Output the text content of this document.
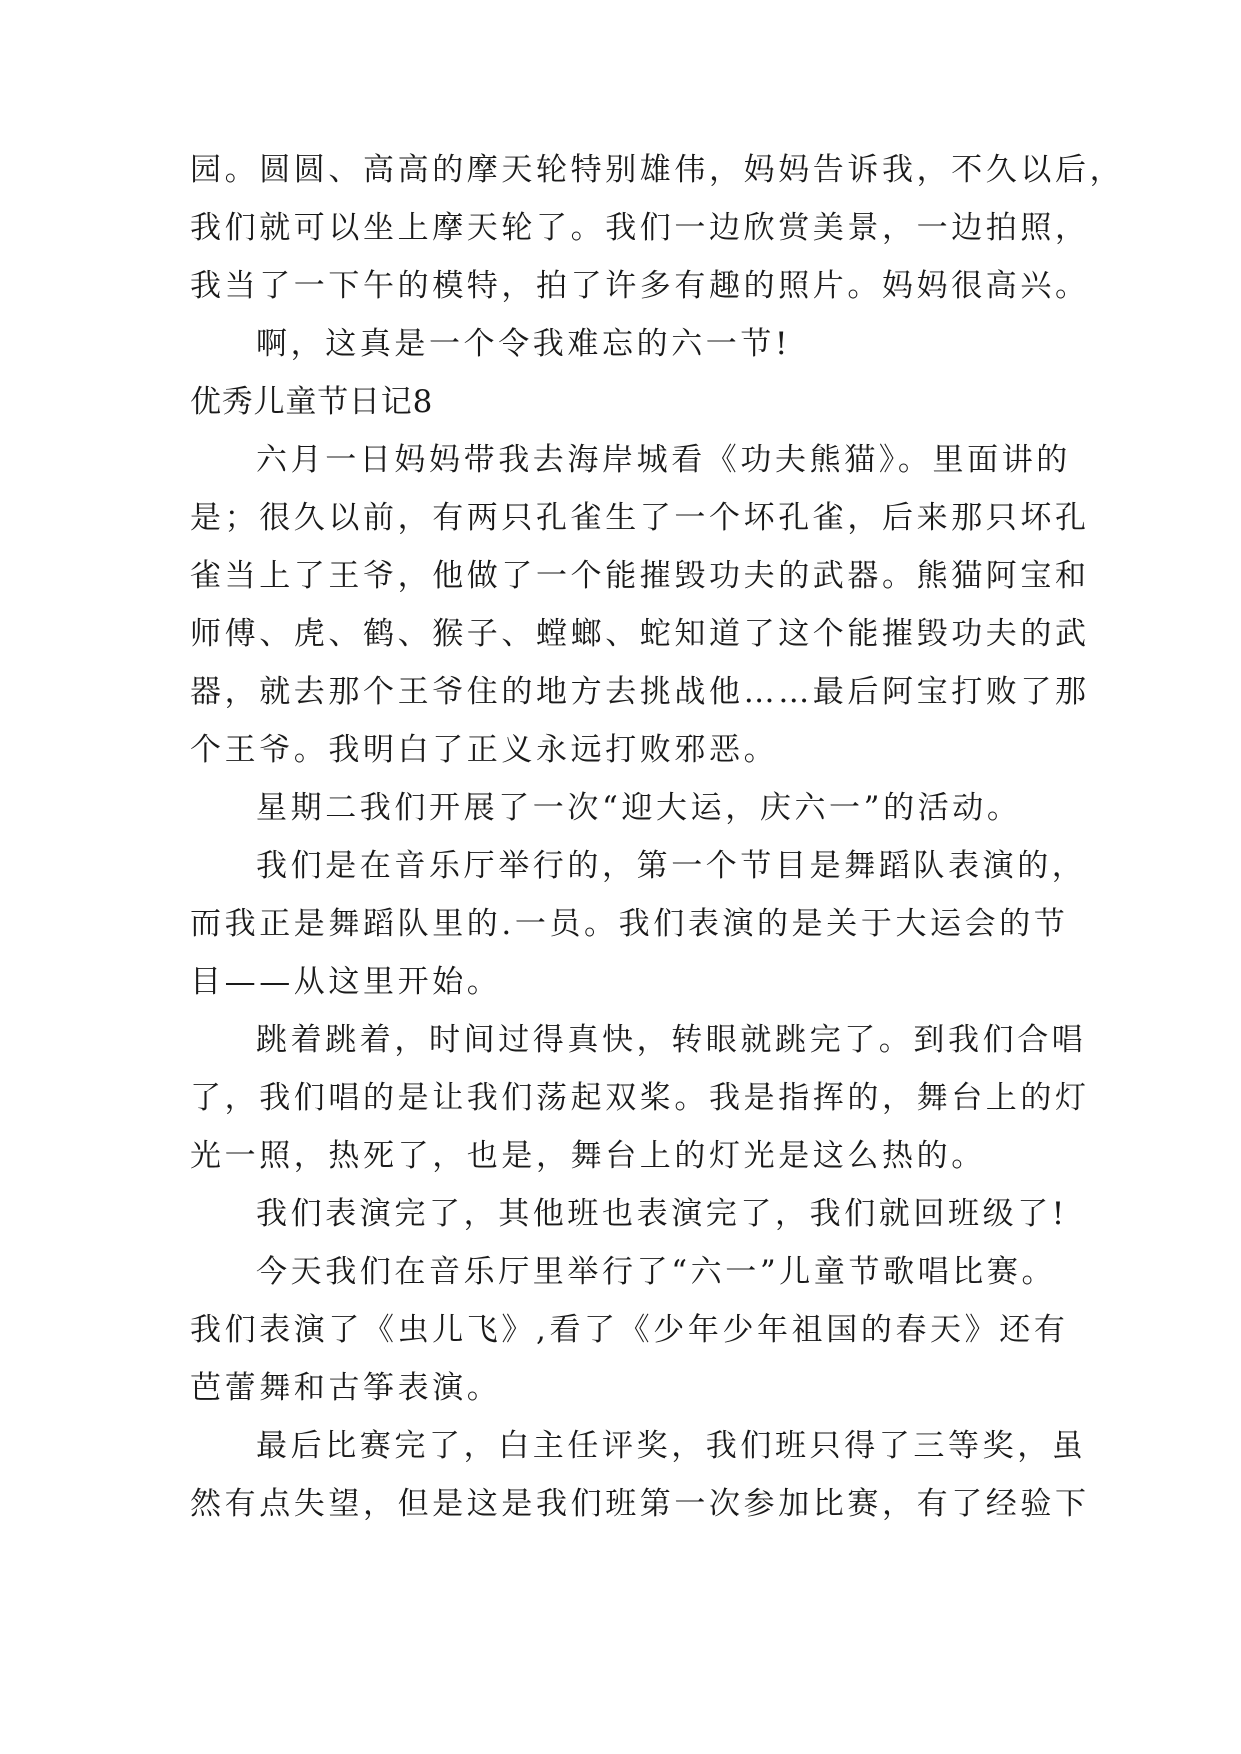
园。圆圆、高高的摩天轮特别雄伟，妈妈告诉我，不久以后，
我们就可以坐上摩天轮了。我们一边欣赏美景，一边拍照，
我当了一下午的模特，拍了许多有趣的照片。妈妈很高兴。
啊，这真是一个令我难忘的六一节!
优秀儿童节日记8
六月一日妈妈带我去海岸城看《功夫熊猫》。里面讲的
是；很久以前，有两只孔雀生了一个坏孔雀，后来那只坏孔
雀当上了王爷，他做了一个能摧毁功夫的武器。熊猫阿宝和
师傅、虎、鹤、猴子、螳螂、蛇知道了这个能摧毁功夫的武
器，就去那个王爷住的地方去挑战他……最后阿宝打败了那
个王爷。我明白了正义永远打败邪恶。
星期二我们开展了一次“迎大运，庆六一”的活动。
我们是在音乐厅举行的，第一个节目是舞蹈队表演的，
而我正是舞蹈队里的.一员。我们表演的是关于大运会的节
目——从这里开始。
跳着跳着，时间过得真快，转眼就跳完了。到我们合唱
了，我们唱的是让我们荡起双桨。我是指挥的，舞台上的灯
光一照，热死了，也是，舞台上的灯光是这么热的。
我们表演完了，其他班也表演完了，我们就回班级了!
今天我们在音乐厅里举行了“六一”儿童节歌唱比赛。
我们表演了《虫儿飞》,看了《少年少年祖国的春天》还有
芭蕾舞和古筝表演。
最后比赛完了，白主任评奖，我们班只得了三等奖，虽
然有点失望，但是这是我们班第一次参加比赛，有了经验下
